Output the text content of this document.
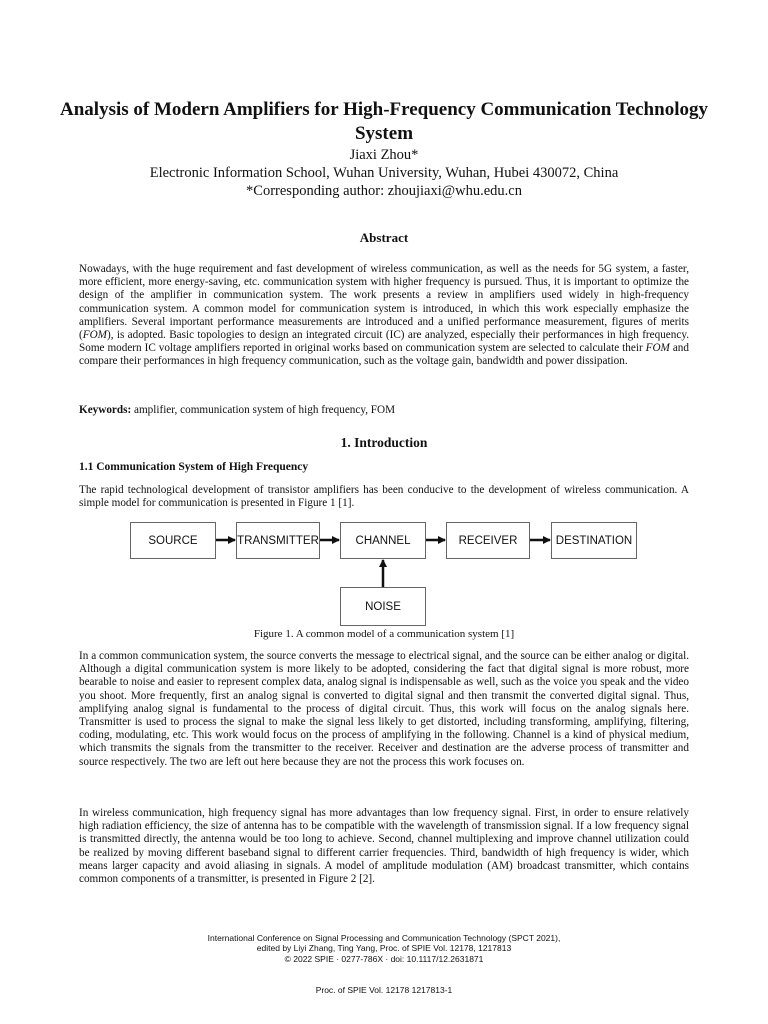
Analysis of Modern Amplifiers for High-Frequency Communication Technology System

Jiaxi Zhou*

Electronic Information School, Wuhan University, Wuhan, Hubei 430072, China

*Corresponding author: zhoujiaxi@whu.edu.cn

Abstract

Nowadays, with the huge requirement and fast development of wireless communication, as well as the needs for 5G system, a faster, more efficient, more energy-saving, etc. communication system with higher frequency is pursued. Thus, it is important to optimize the design of the amplifier in communication system. The work presents a review in amplifiers used widely in high-frequency communication system. A common model for communication system is introduced, in which this work especially emphasize the amplifiers. Several important performance measurements are introduced and a unified performance measurement, figures of merits (FOM), is adopted. Basic topologies to design an integrated circuit (IC) are analyzed, especially their performances in high frequency. Some modern IC voltage amplifiers reported in original works based on communication system are selected to calculate their FOM and compare their performances in high frequency communication, such as the voltage gain, bandwidth and power dissipation.

Keywords: amplifier, communication system of high frequency, FOM

1. Introduction
1.1 Communication System of High Frequency

The rapid technological development of transistor amplifiers has been conducive to the development of wireless communication. A simple model for communication is presented in Figure 1 [1].

SOURCE	TRANSMITTER	CHANNEL	RECEIVER	DESTINATION
NOISE

Figure 1. A common model of a communication system [1]

In a common communication system, the source converts the message to electrical signal, and the source can be either analog or digital. Although a digital communication system is more likely to be adopted, considering the fact that digital signal is more robust, more bearable to noise and easier to represent complex data, analog signal is indispensable as well, such as the voice you speak and the video you shoot. More frequently, first an analog signal is converted to digital signal and then transmit the converted digital signal. Thus, amplifying analog signal is fundamental to the process of digital circuit. Thus, this work will focus on the analog signals here. Transmitter is used to process the signal to make the signal less likely to get distorted, including transforming, amplifying, filtering, coding, modulating, etc. This work would focus on the process of amplifying in the following. Channel is a kind of physical medium, which transmits the signals from the transmitter to the receiver. Receiver and destination are the adverse process of transmitter and source respectively. The two are left out here because they are not the process this work focuses on.

In wireless communication, high frequency signal has more advantages than low frequency signal. First, in order to ensure relatively high radiation efficiency, the size of antenna has to be compatible with the wavelength of transmission signal. If a low frequency signal is transmitted directly, the antenna would be too long to achieve. Second, channel multiplexing and improve channel utilization could be realized by moving different baseband signal to different carrier frequencies. Third, bandwidth of high frequency is wider, which means larger capacity and avoid aliasing in signals. A model of amplitude modulation (AM) broadcast transmitter, which contains common components of a transmitter, is presented in Figure 2 [2].

International Conference on Signal Processing and Communication Technology (SPCT 2021),
edited by Liyi Zhang, Ting Yang, Proc. of SPIE Vol. 12178, 1217813
© 2022 SPIE · 0277-786X · doi: 10.1117/12.2631871

Proc. of SPIE Vol. 12178 1217813-1
